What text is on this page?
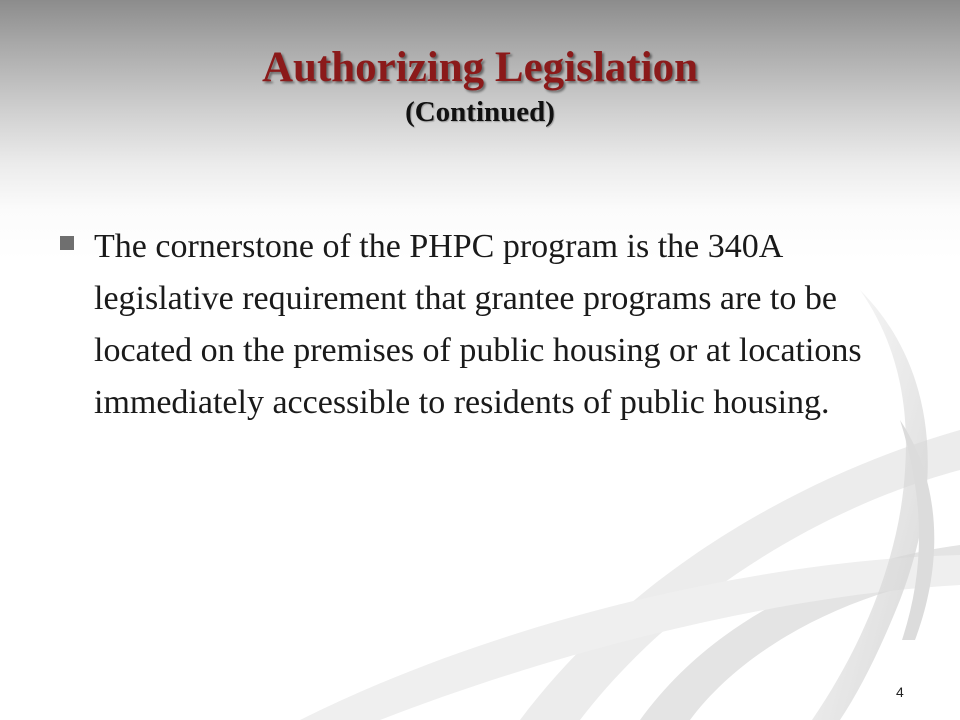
Authorizing Legislation
(Continued)
The cornerstone of the PHPC program is the 340A legislative requirement that grantee programs are to be located on the premises of public housing or at locations immediately accessible to residents of public housing.
4
